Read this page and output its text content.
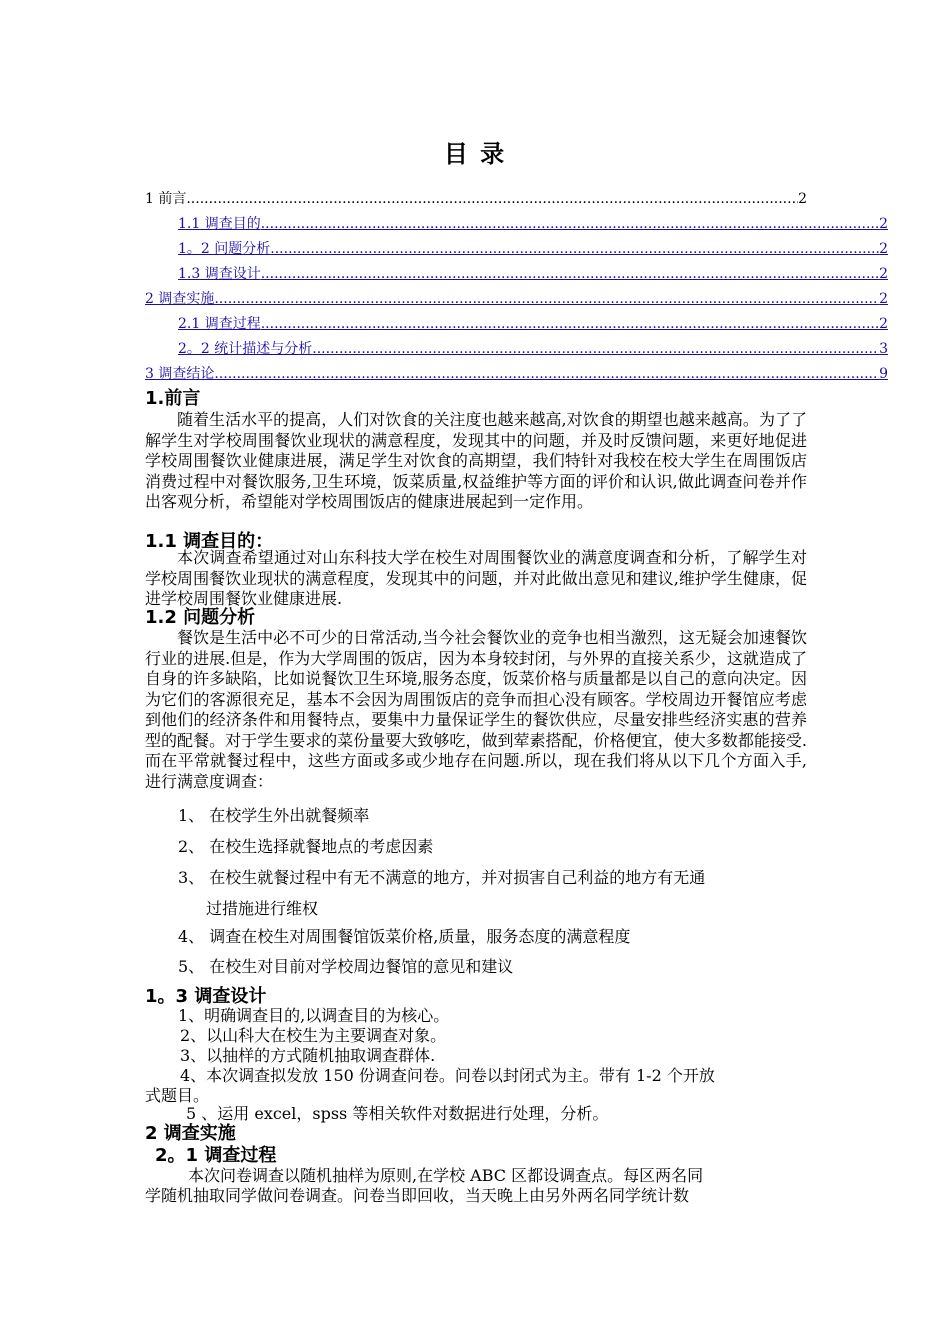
目 录
1 前言 .....	2
1.1 调查目的 .....	2
1。2 问题分析 .....	2
1.3 调查设计 .....	2
2 调查实施 .....	2
2.1 调查过程 .....	2
2。2 统计描述与分析 .....	3
3 调查结论 .....	9
1.前言
随着生活水平的提高，人们对饮食的关注度也越来越高,对饮食的期望也越来越高。为了了解学生对学校周围餐饮业现状的满意程度，发现其中的问题，并及时反馈问题，来更好地促进学校周围餐饮业健康进展，满足学生对饮食的高期望，我们特针对我校在校大学生在周围饭店消费过程中对餐饮服务,卫生环境，饭菜质量,权益维护等方面的评价和认识,做此调查问卷并作出客观分析，希望能对学校周围饭店的健康进展起到一定作用。
1.1 调查目的：
本次调查希望通过对山东科技大学在校生对周围餐饮业的满意度调查和分析，了解学生对学校周围餐饮业现状的满意程度，发现其中的问题，并对此做出意见和建议,维护学生健康，促进学校周围餐饮业健康进展.
1.2 问题分析
餐饮是生活中必不可少的日常活动,当今社会餐饮业的竞争也相当激烈，这无疑会加速餐饮行业的进展.但是，作为大学周围的饭店，因为本身较封闭，与外界的直接关系少，这就造成了自身的许多缺陷，比如说餐饮卫生环境,服务态度，饭菜价格与质量都是以自己的意向决定。因为它们的客源很充足，基本不会因为周围饭店的竞争而担心没有顾客。学校周边开餐馆应考虑到他们的经济条件和用餐特点，要集中力量保证学生的餐饮供应，尽量安排些经济实惠的营养型的配餐。对于学生要求的菜份量要大致够吃，做到荤素搭配，价格便宜，使大多数都能接受.而在平常就餐过程中，这些方面或多或少地存在问题.所以，现在我们将从以下几个方面入手,进行满意度调查：
1、 在校学生外出就餐频率
2、 在校生选择就餐地点的考虑因素
3、 在校生就餐过程中有无不满意的地方，并对损害自己利益的地方有无通
过措施进行维权
4、 调查在校生对周围餐馆饭菜价格,质量，服务态度的满意程度
5、 在校生对目前对学校周边餐馆的意见和建议
1。3 调查设计
1、明确调查目的,以调查目的为核心。
2、以山科大在校生为主要调查对象。
3、以抽样的方式随机抽取调查群体.
4、本次调查拟发放 150 份调查问卷。问卷以封闭式为主。带有 1-2 个开放
式题目。
5 、运用 excel，spss 等相关软件对数据进行处理，分析。
2 调查实施
2。1 调查过程
本次问卷调查以随机抽样为原则,在学校 ABC 区都设调查点。每区两名同
学随机抽取同学做问卷调查。问卷当即回收，当天晚上由另外两名同学统计数
